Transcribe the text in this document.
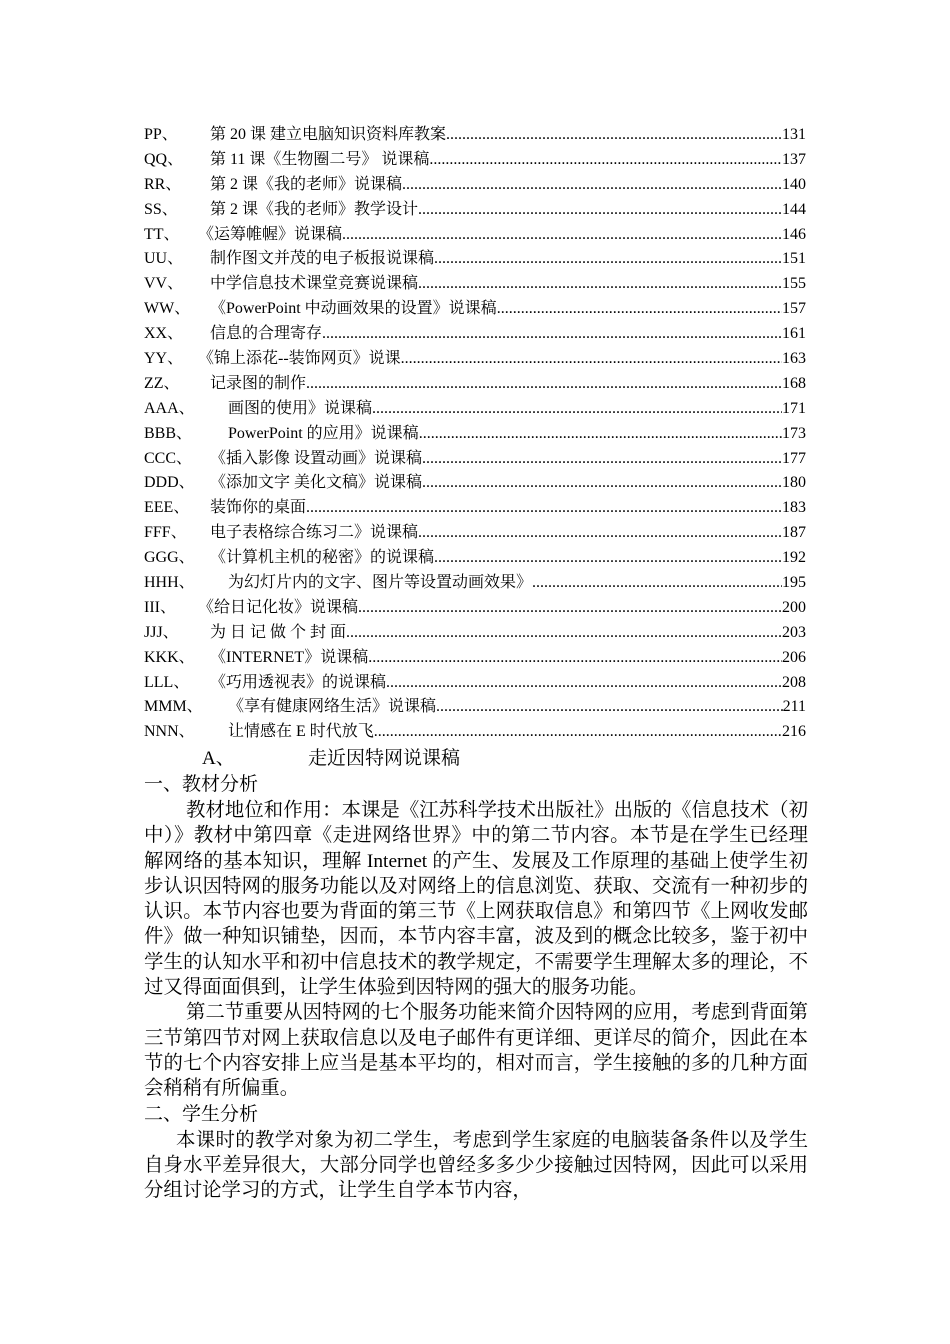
PP、	第 20 课 建立电脑知识资料库教案 .....	131
QQ、	第 11 课《生物圈二号》 说课稿 .....	137
RR、	第 2 课《我的老师》说课稿 .....	140
SS、	第 2 课《我的老师》教学设计 .....	144
TT、	《运筹帷幄》说课稿 .....	146
UU、	制作图文并茂的电子板报说课稿 .....	151
VV、	中学信息技术课堂竞赛说课稿 .....	155
WW、	《PowerPoint 中动画效果的设置》说课稿 .....	157
XX、	信息的合理寄存 .....	161
YY、 《锦上添花--装饰网页》说课 .....	163
ZZ、	记录图的制作 .....	168
AAA、	画图的使用》说课稿 .....	171
BBB、	PowerPoint 的应用》说课稿 .....	173
CCC、	《插入影像 设置动画》说课稿 .....	177
DDD、 《添加文字 美化文稿》说课稿 .....	180
EEE、	装饰你的桌面 .....	183
FFF、	电子表格综合练习二》说课稿 .....	187
GGG、 《计算机主机的秘密》的说课稿 .....	192
HHH、	为幻灯片内的文字、图片等设置动画效果》 .....	195
III、	《给日记化妆》说课稿 .....	200
JJJ、	为 日 记 做 个 封 面 .....	203
KKK、 《INTERNET》说课稿 .....	206
LLL、	《巧用透视表》的说课稿 .....	208
MMM、	《享有健康网络生活》说课稿 .....	211
NNN、	让情感在 E 时代放飞 .....	216
A、	走近因特网说课稿
一、教材分析

教材地位和作用：本课是《江苏科学技术出版社》出版的《信息技术（初中）》教材中第四章《走进网络世界》中的第二节内容。本节是在学生已经理解网络的基本知识，理解 Internet 的产生、发展及工作原理的基础上使学生初步认识因特网的服务功能以及对网络上的信息浏览、获取、交流有一种初步的认识。本节内容也要为背面的第三节《上网获取信息》和第四节《上网收发邮件》做一种知识铺垫，因而，本节内容丰富，波及到的概念比较多，鉴于初中学生的认知水平和初中信息技术的教学规定，不需要学生理解太多的理论，不过又得面面俱到，让学生体验到因特网的强大的服务功能。

第二节重要从因特网的七个服务功能来简介因特网的应用，考虑到背面第三节第四节对网上获取信息以及电子邮件有更详细、更详尽的简介，因此在本节的七个内容安排上应当是基本平均的，相对而言，学生接触的多的几种方面会稍稍有所偏重。

二、学生分析

本课时的教学对象为初二学生，考虑到学生家庭的电脑装备条件以及学生自身水平差异很大，大部分同学也曾经多多少少接触过因特网，因此可以采用分组讨论学习的方式，让学生自学本节内容，
